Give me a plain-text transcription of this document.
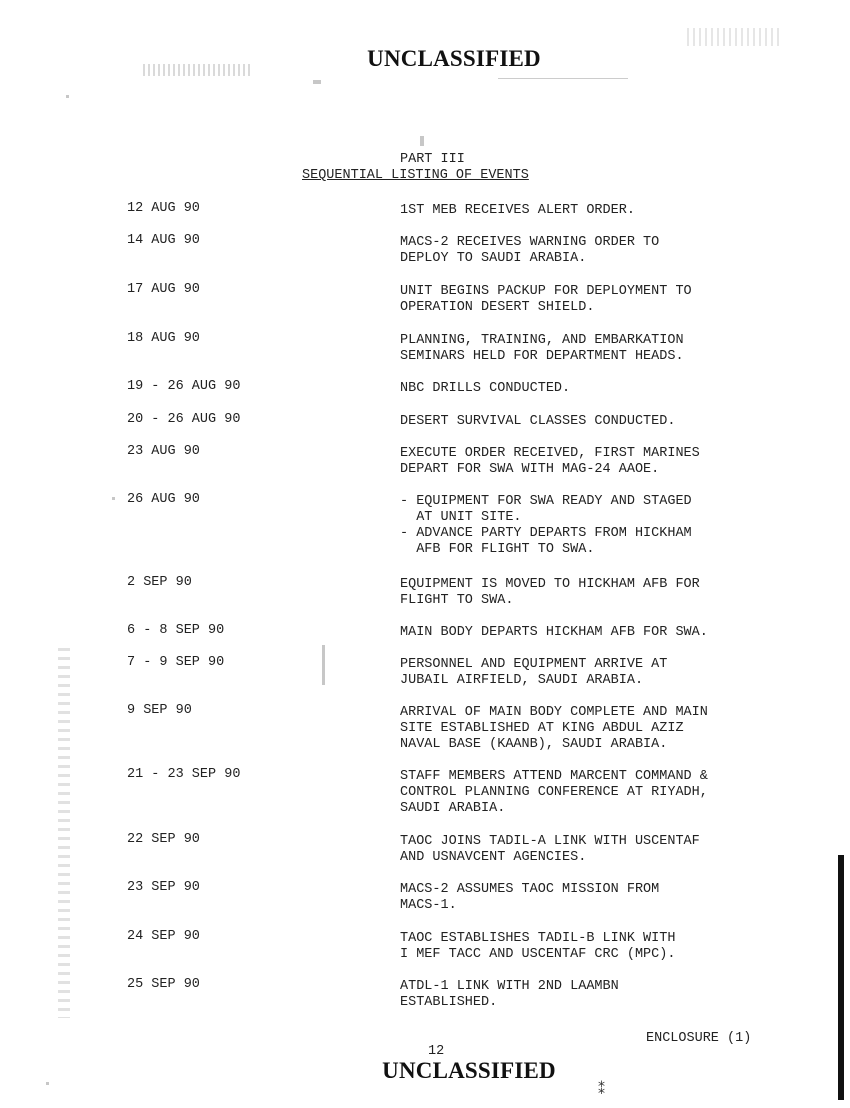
UNCLASSIFIED
PART III
SEQUENTIAL LISTING OF EVENTS
12 AUG 90	1ST MEB RECEIVES ALERT ORDER.
14 AUG 90	MACS-2 RECEIVES WARNING ORDER TO
DEPLOY TO SAUDI ARABIA.
17 AUG 90	UNIT BEGINS PACKUP FOR DEPLOYMENT TO
OPERATION DESERT SHIELD.
18 AUG 90	PLANNING, TRAINING, AND EMBARKATION
SEMINARS HELD FOR DEPARTMENT HEADS.
19 - 26 AUG 90	NBC DRILLS CONDUCTED.
20 - 26 AUG 90	DESERT SURVIVAL CLASSES CONDUCTED.
23 AUG 90	EXECUTE ORDER RECEIVED, FIRST MARINES
DEPART FOR SWA WITH MAG-24 AAOE.
26 AUG 90	- EQUIPMENT FOR SWA READY AND STAGED
AT UNIT SITE.
- ADVANCE PARTY DEPARTS FROM HICKHAM
AFB FOR FLIGHT TO SWA.
2 SEP 90	EQUIPMENT IS MOVED TO HICKHAM AFB FOR
FLIGHT TO SWA.
6 - 8 SEP 90	MAIN BODY DEPARTS HICKHAM AFB FOR SWA.
7 - 9 SEP 90	PERSONNEL AND EQUIPMENT ARRIVE AT
JUBAIL AIRFIELD, SAUDI ARABIA.
9 SEP 90	ARRIVAL OF MAIN BODY COMPLETE AND MAIN
SITE ESTABLISHED AT KING ABDUL AZIZ
NAVAL BASE (KAANB), SAUDI ARABIA.
21 - 23 SEP 90	STAFF MEMBERS ATTEND MARCENT COMMAND &
CONTROL PLANNING CONFERENCE AT RIYADH,
SAUDI ARABIA.
22 SEP 90	TAOC JOINS TADIL-A LINK WITH USCENTAF
AND USNAVCENT AGENCIES.
23 SEP 90	MACS-2 ASSUMES TAOC MISSION FROM
MACS-1.
24 SEP 90	TAOC ESTABLISHES TADIL-B LINK WITH
I MEF TACC AND USCENTAF CRC (MPC).
25 SEP 90	ATDL-1 LINK WITH 2ND LAAMBN
ESTABLISHED.
ENCLOSURE (1)
12
UNCLASSIFIED
⁑
